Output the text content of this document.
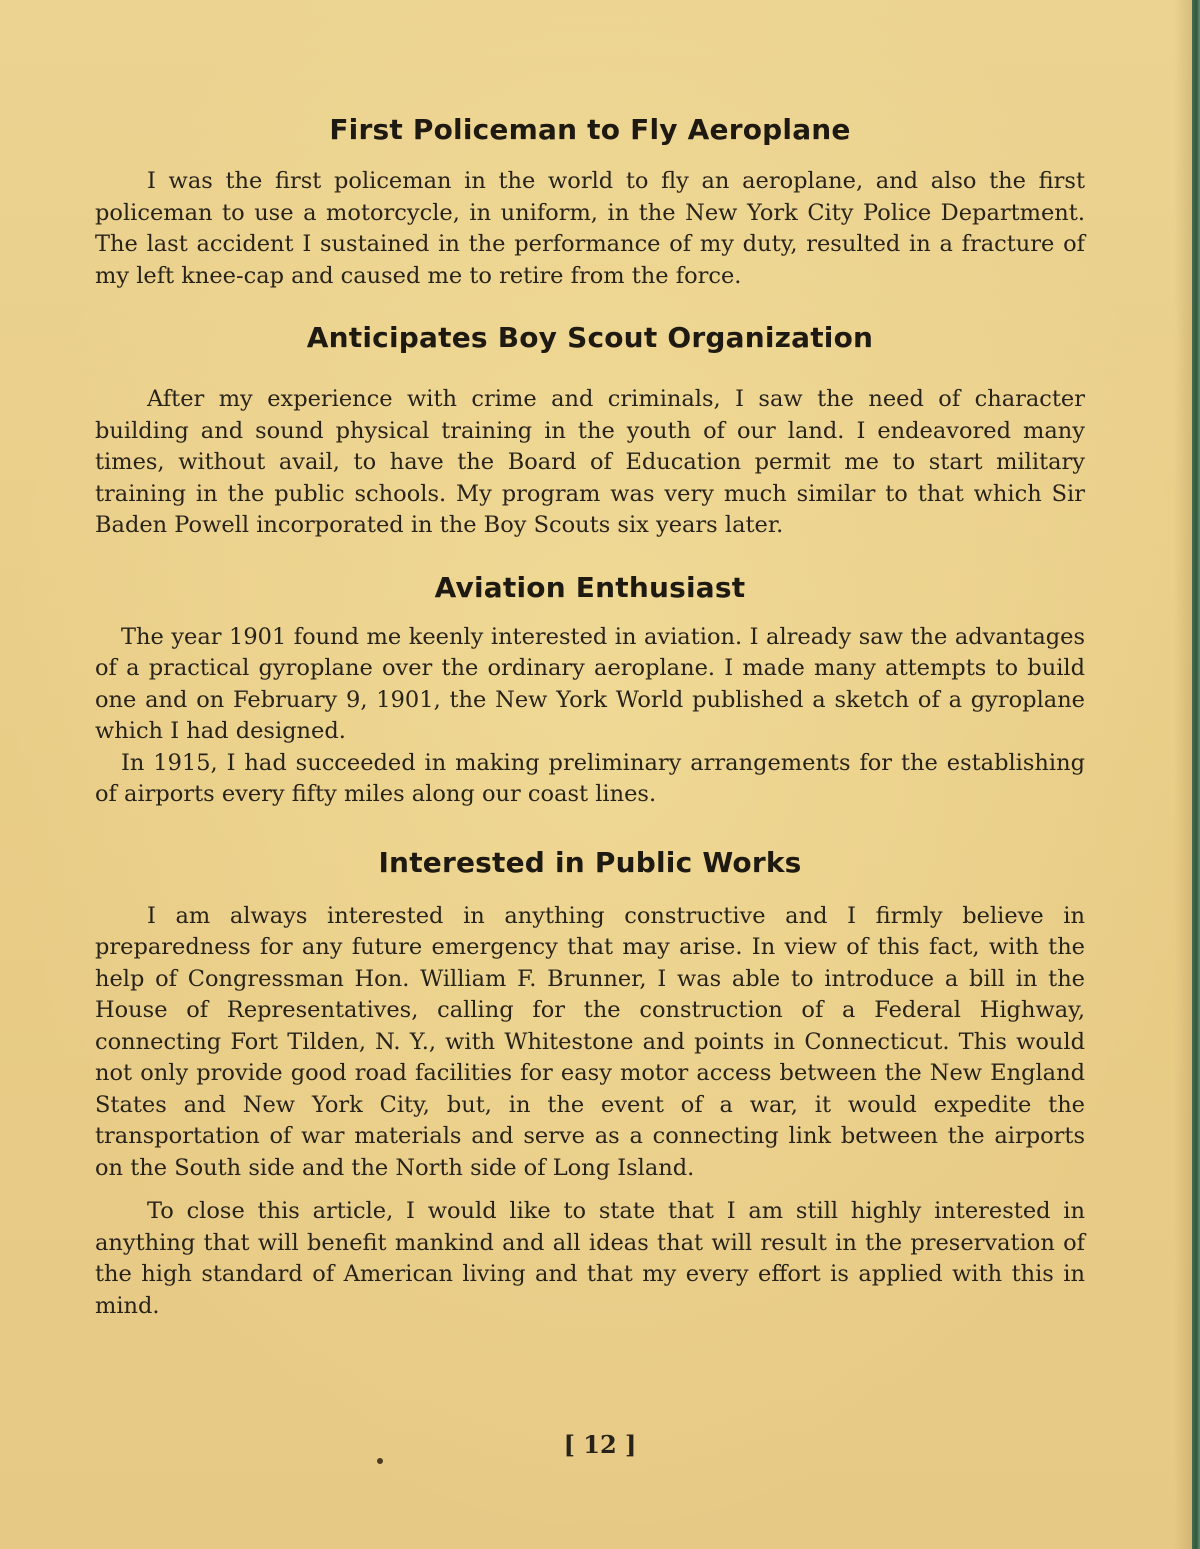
First Policeman to Fly Aeroplane

I was the first policeman in the world to fly an aeroplane, and also the first policeman to use a motorcycle, in uniform, in the New York City Police Department. The last accident I sustained in the performance of my duty, resulted in a fracture of my left knee-cap and caused me to retire from the force.

Anticipates Boy Scout Organization

After my experience with crime and criminals, I saw the need of character building and sound physical training in the youth of our land. I endeavored many times, without avail, to have the Board of Education permit me to start military training in the public schools. My program was very much similar to that which Sir Baden Powell incorporated in the Boy Scouts six years later.

Aviation Enthusiast

The year 1901 found me keenly interested in aviation. I already saw the advantages of a practical gyroplane over the ordinary aeroplane. I made many attempts to build one and on February 9, 1901, the New York World published a sketch of a gyroplane which I had designed.

In 1915, I had succeeded in making preliminary arrangements for the establishing of airports every fifty miles along our coast lines.

Interested in Public Works

I am always interested in anything constructive and I firmly believe in preparedness for any future emergency that may arise. In view of this fact, with the help of Congressman Hon. William F. Brunner, I was able to introduce a bill in the House of Representatives, calling for the construction of a Federal Highway, connecting Fort Tilden, N. Y., with Whitestone and points in Connecticut. This would not only provide good road facilities for easy motor access between the New England States and New York City, but, in the event of a war, it would expedite the transportation of war materials and serve as a connecting link between the airports on the South side and the North side of Long Island.

To close this article, I would like to state that I am still highly interested in anything that will benefit mankind and all ideas that will result in the preservation of the high standard of American living and that my every effort is applied with this in mind.

[ 12 ]
